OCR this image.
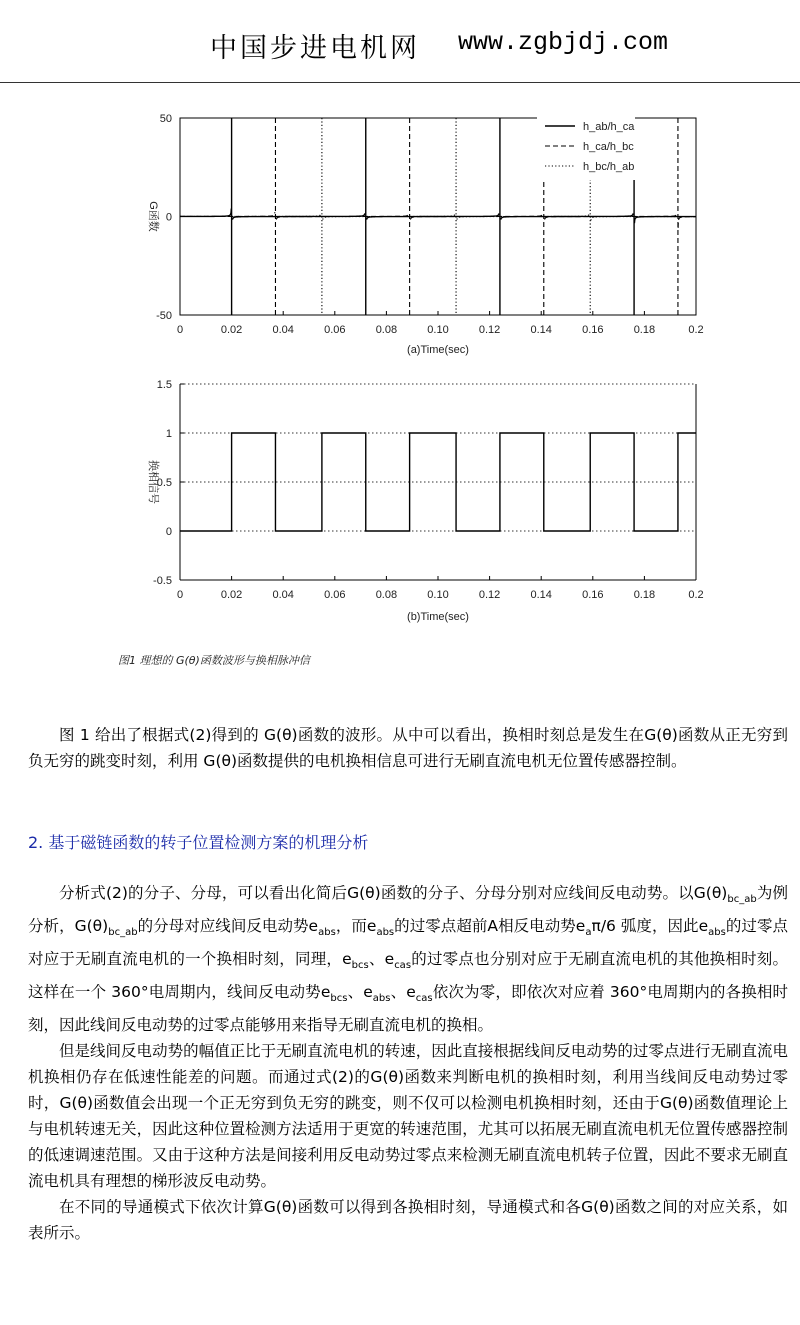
中国步进电机网 www.zgbjdj.com
0	0.02	0.04	0.06	0.08	0.10	0.12	0.14	0.16	0.18	0.2
50
0
-50
(a)Time(sec)
G函数
h_ab/h_ca
h_ca/h_bc
h_bc/h_ab
0	0.02	0.04	0.06	0.08	0.10	0.12	0.14	0.16	0.18	0.2
1.5
1
0.5
0
-0.5
(b)Time(sec)
换相信号
图1 理想的 G(θ)函数波形与换相脉冲信

图 1 给出了根据式(2)得到的 G(θ)函数的波形。从中可以看出，换相时刻总是发生在G(θ)函数从正无穷到负无穷的跳变时刻，利用 G(θ)函数提供的电机换相信息可进行无刷直流电机无位置传感器控制。

2. 基于磁链函数的转子位置检测方案的机理分析

分析式(2)的分子、分母，可以看出化简后G(θ)函数的分子、分母分别对应线间反电动势。以$G(\theta)_{bc\_ab}$为例分析，$G(\theta)_{bc\_ab}$的分母对应线间反电动势$e_{abs}$，而$e_{abs}$的过零点超前A相反电动势$e_a\pi/6$ 弧度，因此$e_{abs}$的过零点对应于无刷直流电机的一个换相时刻，同理，$e_{bcs}$、$e_{cas}$的过零点也分别对应于无刷直流电机的其他换相时刻。这样在一个 360°电周期内，线间反电动势$e_{bcs}$、$e_{abs}$、$e_{cas}$依次为零，即依次对应着 360°电周期内的各换相时刻，因此线间反电动势的过零点能够用来指导无刷直流电机的换相。

但是线间反电动势的幅值正比于无刷直流电机的转速，因此直接根据线间反电动势的过零点进行无刷直流电机换相仍存在低速性能差的问题。而通过式(2)的G(θ)函数来判断电机的换相时刻，利用当线间反电动势过零时，G(θ)函数值会出现一个正无穷到负无穷的跳变，则不仅可以检测电机换相时刻，还由于G(θ)函数值理论上与电机转速无关，因此这种位置检测方法适用于更宽的转速范围，尤其可以拓展无刷直流电机无位置传感器控制的低速调速范围。又由于这种方法是间接利用反电动势过零点来检测无刷直流电机转子位置，因此不要求无刷直流电机具有理想的梯形波反电动势。

在不同的导通模式下依次计算G(θ)函数可以得到各换相时刻，导通模式和各G(θ)函数之间的对应关系，如表所示。
